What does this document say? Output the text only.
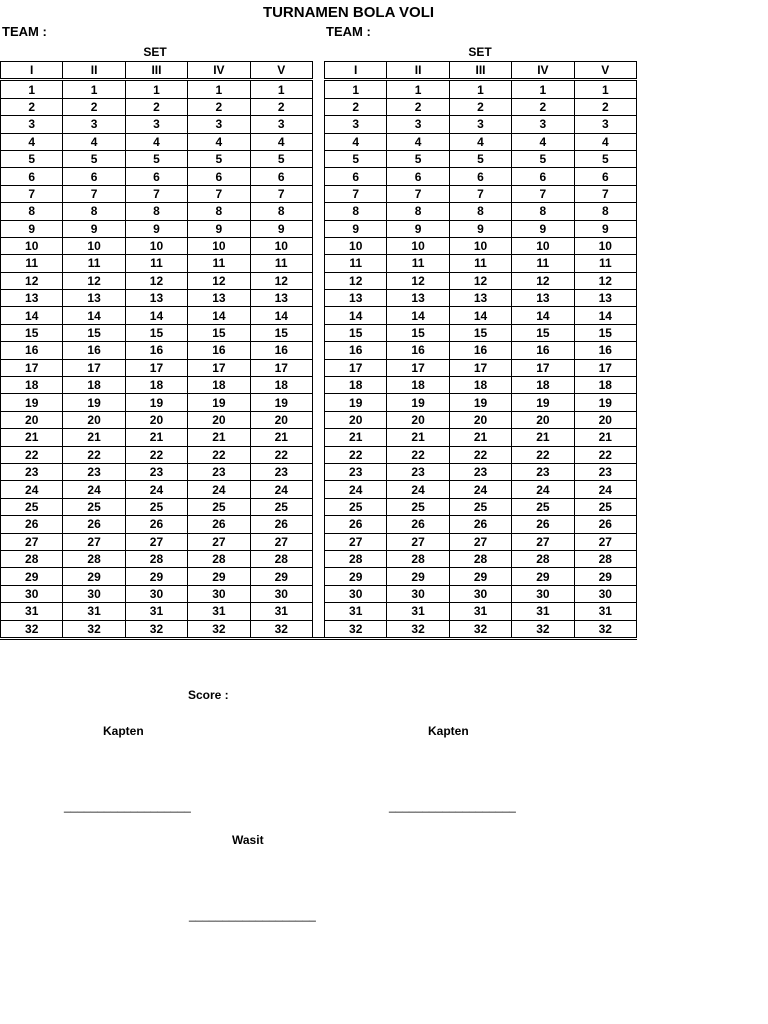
TURNAMEN BOLA VOLI
TEAM :	TEAM :
SET	SET
I	II	III	IV	V		I	II	III	IV	V
1	1	1	1	1		1	1	1	1	1
2	2	2	2	2		2	2	2	2	2
3	3	3	3	3		3	3	3	3	3
4	4	4	4	4		4	4	4	4	4
5	5	5	5	5		5	5	5	5	5
6	6	6	6	6		6	6	6	6	6
7	7	7	7	7		7	7	7	7	7
8	8	8	8	8		8	8	8	8	8
9	9	9	9	9		9	9	9	9	9
10	10	10	10	10		10	10	10	10	10
11	11	11	11	11		11	11	11	11	11
12	12	12	12	12		12	12	12	12	12
13	13	13	13	13		13	13	13	13	13
14	14	14	14	14		14	14	14	14	14
15	15	15	15	15		15	15	15	15	15
16	16	16	16	16		16	16	16	16	16
17	17	17	17	17		17	17	17	17	17
18	18	18	18	18		18	18	18	18	18
19	19	19	19	19		19	19	19	19	19
20	20	20	20	20		20	20	20	20	20
21	21	21	21	21		21	21	21	21	21
22	22	22	22	22		22	22	22	22	22
23	23	23	23	23		23	23	23	23	23
24	24	24	24	24		24	24	24	24	24
25	25	25	25	25		25	25	25	25	25
26	26	26	26	26		26	26	26	26	26
27	27	27	27	27		27	27	27	27	27
28	28	28	28	28		28	28	28	28	28
29	29	29	29	29		29	29	29	29	29
30	30	30	30	30		30	30	30	30	30
31	31	31	31	31		31	31	31	31	31
32	32	32	32	32		32	32	32	32	32
Score :
Kapten	Kapten
___________________	___________________
Wasit
___________________
